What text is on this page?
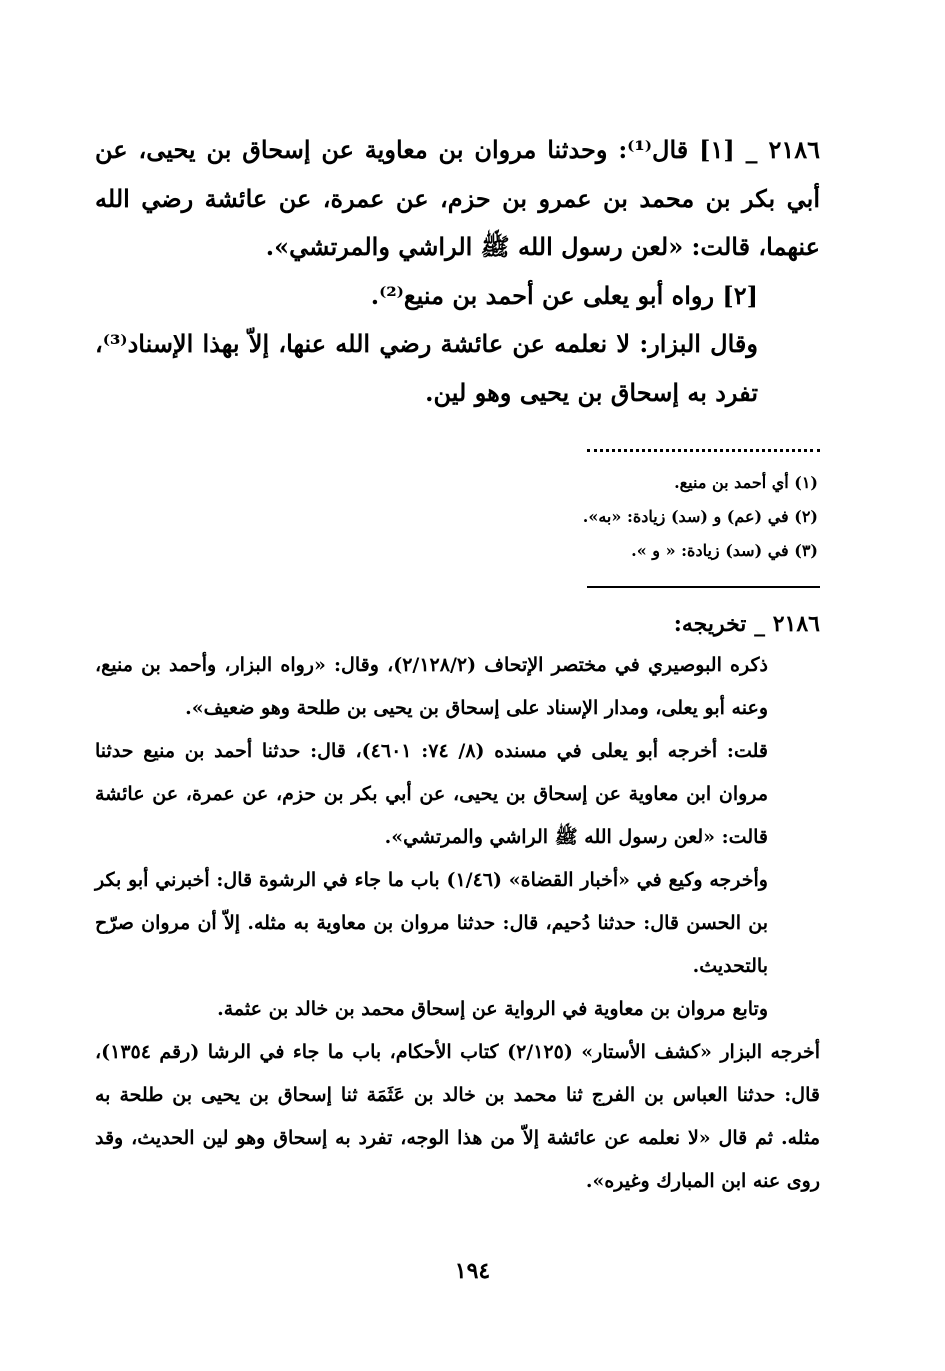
٢١٨٦ _ [١] قال⁽¹⁾: وحدثنا مروان بن معاوية عن إسحاق بن يحيى، عن أبي بكر بن محمد بن عمرو بن حزم، عن عمرة، عن عائشة رضي الله عنهما، قالت: «لعن رسول الله ﷺ الراشي والمرتشي».

[٢] رواه أبو يعلى عن أحمد بن منيع⁽²⁾.

وقال البزار: لا نعلمه عن عائشة رضي الله عنها، إلاّ بهذا الإسناد⁽³⁾، تفرد به إسحاق بن يحيى وهو لين.

(١) أي أحمد بن منيع.
(٢) في (عم) و (سد) زيادة: «به».
(٣) في (سد) زيادة: « و ».
٢١٨٦ _ تخريجه:

ذكره البوصيري في مختصر الإتحاف (٢/١٢٨/٢)، وقال: «رواه البزار، وأحمد بن منيع، وعنه أبو يعلى، ومدار الإسناد على إسحاق بن يحيى بن طلحة وهو ضعيف».

قلت: أخرجه أبو يعلى في مسنده (٨/ ٧٤: ٤٦٠١)، قال: حدثنا أحمد بن منيع حدثنا مروان ابن معاوية عن إسحاق بن يحيى، عن أبي بكر بن حزم، عن عمرة، عن عائشة قالت: «لعن رسول الله ﷺ الراشي والمرتشي».

وأخرجه وكيع في «أخبار القضاة» (١/٤٦) باب ما جاء في الرشوة قال: أخبرني أبو بكر بن الحسن قال: حدثنا دُحيم، قال: حدثنا مروان بن معاوية به مثله. إلاّ أن مروان صرّح بالتحديث.

وتابع مروان بن معاوية في الرواية عن إسحاق محمد بن خالد بن عثمة.

أخرجه البزار «كشف الأستار» (٢/١٢٥) كتاب الأحكام، باب ما جاء في الرشا (رقم ١٣٥٤)، قال: حدثنا العباس بن الفرج ثنا محمد بن خالد بن عَثَمَة ثنا إسحاق بن يحيى بن طلحة به مثله. ثم قال «لا نعلمه عن عائشة إلاّ من هذا الوجه، تفرد به إسحاق وهو لين الحديث، وقد روى عنه ابن المبارك وغيره».

١٩٤
